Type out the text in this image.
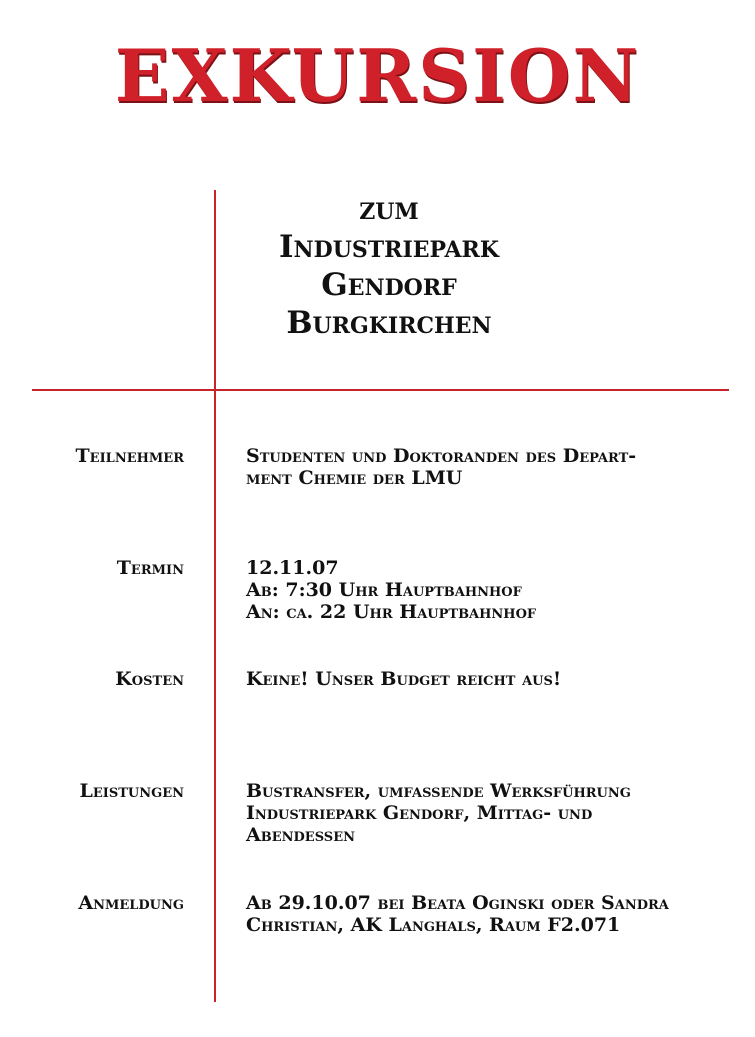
EXKURSION
zum
Industriepark
Gendorf
Burgkirchen
Teilnehmer	Studenten und Doktoranden des Depart-
ment Chemie der LMU
Termin	12.11.07
Ab: 7:30 Uhr Hauptbahnhof
An: ca. 22 Uhr Hauptbahnhof
Kosten	Keine! Unser Budget reicht aus!
Leistungen	Bustransfer, umfassende Werksführung
Industriepark Gendorf, Mittag- und
Abendessen
Anmeldung	Ab 29.10.07 bei Beata Oginski oder Sandra
Christian, AK Langhals, Raum F2.071
